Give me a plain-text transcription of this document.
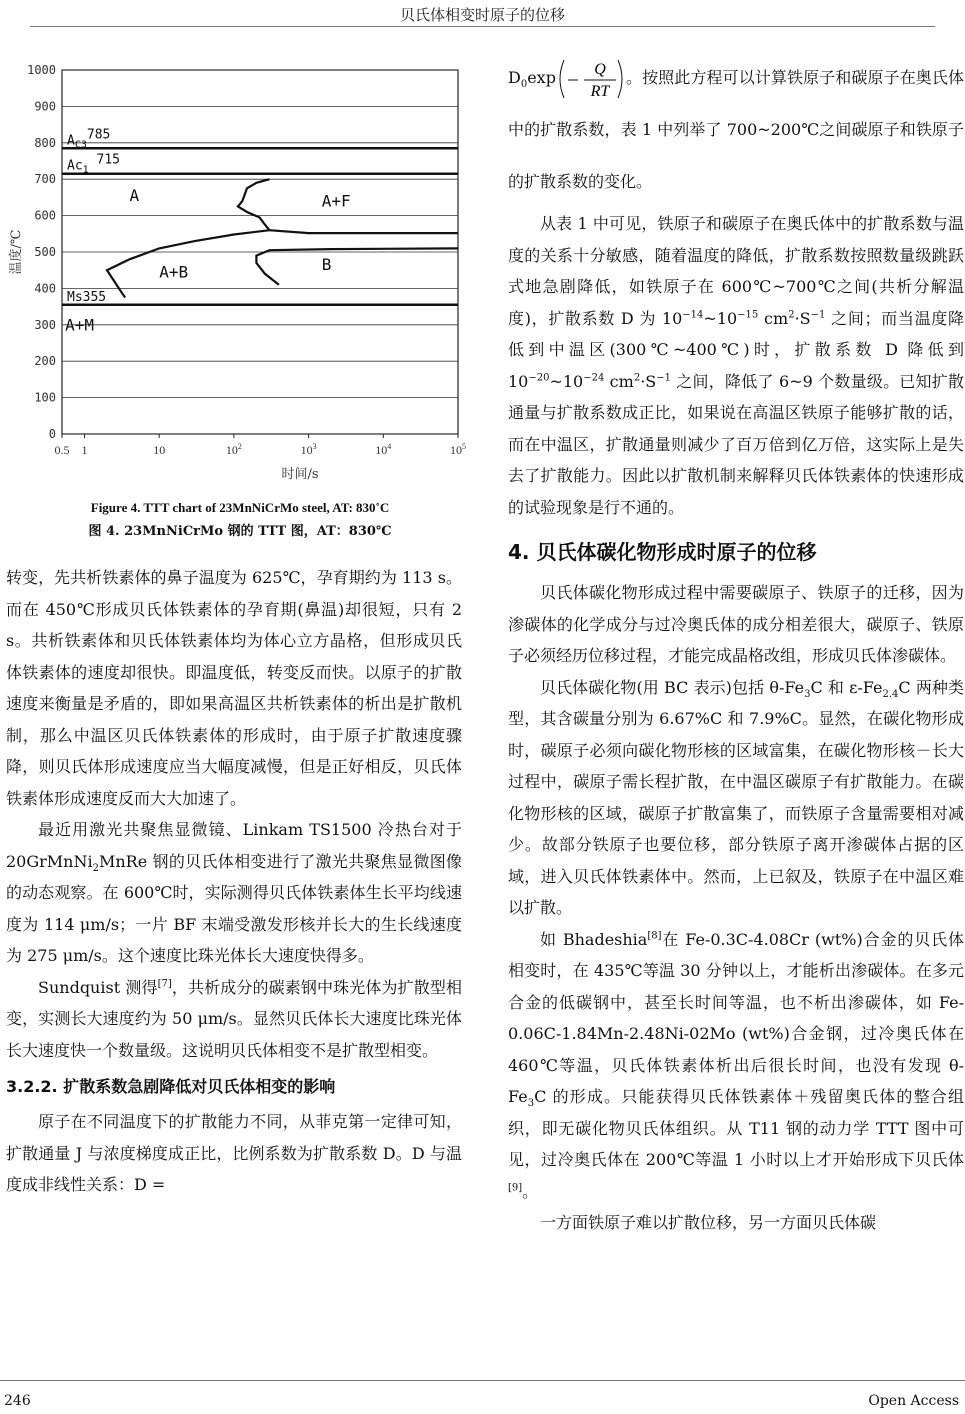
贝氏体相变时原子的位移
0
100
200
300
400
500
600
700
800
900
1000
0.5 1	10	$10^2$	$10^3$	$10^4$	$10^5$
时间/s
温度/℃
$A_{C3}785$
$Ac_1$ 715
Ms355
A	A+F
A+B	B
A+M
Figure 4. TTT chart of 23MnNiCrMo steel, AT: 830˚C
图 4. 23MnNiCrMo 钢的 TTT 图，AT：830℃

转变，先共析铁素体的鼻子温度为 625℃，孕育期约为 113 s。而在 450℃形成贝氏体铁素体的孕育期(鼻温)却很短，只有 2 s。共析铁素体和贝氏体铁素体均为体心立方晶格，但形成贝氏体铁素体的速度却很快。即温度低，转变反而快。以原子的扩散速度来衡量是矛盾的，即如果高温区共析铁素体的析出是扩散机制，那么中温区贝氏体铁素体的形成时，由于原子扩散速度骤降，则贝氏体形成速度应当大幅度减慢，但是正好相反，贝氏体铁素体形成速度反而大大加速了。

最近用激光共聚焦显微镜、Linkam TS1500 冷热台对于 20GrMnNi$_2$MnRe 钢的贝氏体相变进行了激光共聚焦显微图像的动态观察。在 600℃时，实际测得贝氏体铁素体生长平均线速度为 114 μm/s；一片 BF 末端受激发形核并长大的生长线速度为 275 μm/s。这个速度比珠光体长大速度快得多。

Sundquist 测得[7]，共析成分的碳素钢中珠光体为扩散型相变，实测长大速度约为 50 μm/s。显然贝氏体长大速度比珠光体长大速度快一个数量级。这说明贝氏体相变不是扩散型相变。

3.2.2. 扩散系数急剧降低对贝氏体相变的影响

原子在不同温度下的扩散能力不同，从菲克第一定律可知，扩散通量 J 与浓度梯度成正比，比例系数为扩散系数 D。D 与温度成非线性关系：D =

$D_0\exp$ Q
RT
。按照此方程可以计算铁原子和碳原子在奥氏体中的扩散系数，表 1 中列举了 700~200℃之间碳原子和铁原子的扩散系数的变化。

从表 1 中可见，铁原子和碳原子在奥氏体中的扩散系数与温度的关系十分敏感，随着温度的降低，扩散系数按照数量级跳跃式地急剧降低，如铁原子在 600℃~700℃之间(共析分解温度)，扩散系数 D 为 $10^{-14}\sim 10^{-15}$ $cm^2\cdot S^{-1}$ 之间；而当温度降低到中温区(300℃~400℃)时，扩散系数 D 降低到 $10^{-20}\sim 10^{-24}$ $cm^2\cdot S^{-1}$ 之间，降低了 6~9 个数量级。已知扩散通量与扩散系数成正比，如果说在高温区铁原子能够扩散的话，而在中温区，扩散通量则减少了百万倍到亿万倍，这实际上是失去了扩散能力。因此以扩散机制来解释贝氏体铁素体的快速形成的试验现象是行不通的。

4. 贝氏体碳化物形成时原子的位移

贝氏体碳化物形成过程中需要碳原子、铁原子的迁移，因为渗碳体的化学成分与过冷奥氏体的成分相差很大，碳原子、铁原子必须经历位移过程，才能完成晶格改组，形成贝氏体渗碳体。

贝氏体碳化物(用 BC 表示)包括 $\theta-Fe_3C$ 和 $\varepsilon-Fe_{2.4}C$ 两种类型，其含碳量分别为 6.67%C 和 7.9%C。显然，在碳化物形成时，碳原子必须向碳化物形核的区域富集，在碳化物形核－长大过程中，碳原子需长程扩散，在中温区碳原子有扩散能力。在碳化物形核的区域，碳原子扩散富集了，而铁原子含量需要相对减少。故部分铁原子也要位移，部分铁原子离开渗碳体占据的区域，进入贝氏体铁素体中。然而，上已叙及，铁原子在中温区难以扩散。

如 Bhadeshia[8]在 Fe-0.3C-4.08Cr (wt%)合金的贝氏体相变时，在 435℃等温 30 分钟以上，才能析出渗碳体。在多元合金的低碳钢中，甚至长时间等温，也不析出渗碳体，如 Fe-0.06C-1.84Mn-2.48Ni-02Mo (wt%)合金钢，过冷奥氏体在 460℃等温，贝氏体铁素体析出后很长时间，也没有发现 $\theta-Fe_3C$ 的形成。只能获得贝氏体铁素体＋残留奥氏体的整合组织，即无碳化物贝氏体组织。从 T11 钢的动力学 TTT 图中可见，过冷奥氏体在 200℃等温 1 小时以上才开始形成下贝氏体[9]。

一方面铁原子难以扩散位移，另一方面贝氏体碳

246	Open Access
